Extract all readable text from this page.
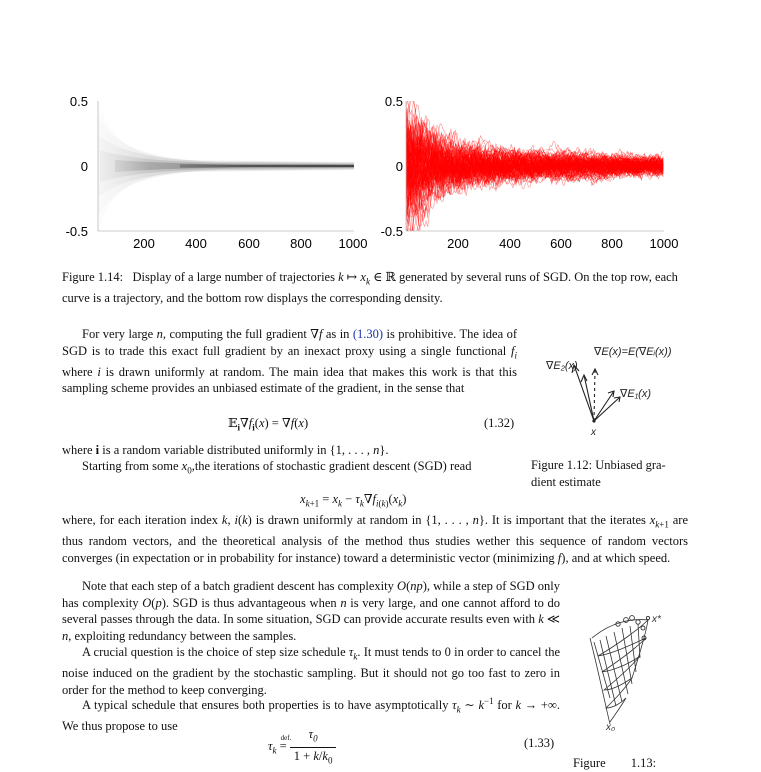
0.5
0
-0.5
200 400 600 800 1000
0.5
0
-0.5
200 400 600 800 1000
Figure 1.14:   Display of a large number of trajectories k ↦ $x_k$ ∈ ℝ generated by several runs of SGD. On the top row, each curve is a trajectory, and the bottom row displays the corresponding density.
For very large n, computing the full gradient ∇f as in (1.30) is prohibitive. The idea of SGD is to trade this exact full gradient by an inexact proxy using a single functional $f_i$ where i is drawn uniformly at random. The main idea that makes this work is that this sampling scheme provides an unbiased estimate of the gradient, in the sense that
$𝔼_i\nabla f_i(x) = \nabla f(x)$	(1.32)
where i is a random variable distributed uniformly in {1, . . . , n}.
Starting from some $x_0,the$ iterations of stochastic gradient descent (SGD) read
$x_{k+1} = x_k - \tau_k\nabla f_{i(k)}(x_k)$
where, for each iteration index k, i(k) is drawn uniformly at random in {1, . . . , n}. It is important that the iterates $x_{k+1}$ are thus random vectors, and the theoretical analysis of the method thus studies wether this sequence of random vectors converges (in expectation or in probability for instance) toward a deterministic vector (minimizing f), and at which speed.
Note that each step of a batch gradient descent has complexity O(np), while a step of SGD only has complexity O(p). SGD is thus advantageous when n is very large, and one cannot afford to do several passes through the data. In some situation, SGD can provide accurate results even with k ≪ n, exploiting redundancy between the samples.
A crucial question is the choice of step size schedule $\tau_k$. It must tends to 0 in order to cancel the noise induced on the gradient by the stochastic sampling. But it should not go too fast to zero in order for the method to keep converging.
A typical schedule that ensures both properties is to have asymptotically $\tau_k$ ∼ $k^{-1}$ for k → +∞. We thus propose to use
$\tau_k$
def.
= $\frac{\tau_0}{1 + k/k_0}$	(1.33)
∇E₂(x)
∇E(x)=E(∇Eᵢ(x))
∇E₁(x)
x
Figure 1.12: Unbiased gra-
dient estimate
x*
x₀
Figure 1.13:
